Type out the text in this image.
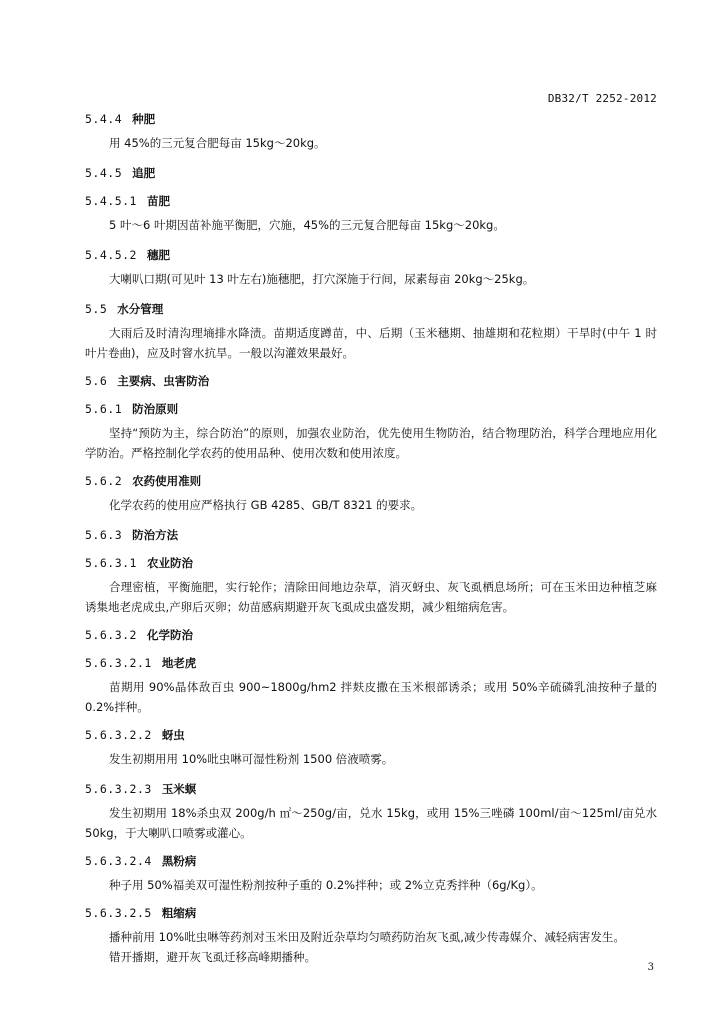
DB32/T 2252-2012
5.4.4 种肥
用 45%的三元复合肥每亩 15kg～20kg。
5.4.5 追肥
5.4.5.1 苗肥
5 叶～6 叶期因苗补施平衡肥，穴施，45%的三元复合肥每亩 15kg～20kg。
5.4.5.2 穗肥
大喇叭口期(可见叶 13 叶左右)施穗肥，打穴深施于行间，尿素每亩 20kg～25kg。
5.5 水分管理
大雨后及时清沟理墒排水降渍。苗期适度蹲苗，中、后期（玉米穗期、抽雄期和花粒期）干旱时(中午 1 时叶片卷曲)，应及时窨水抗旱。一般以沟灌效果最好。
5.6 主要病、虫害防治
5.6.1 防治原则
坚持“预防为主，综合防治”的原则，加强农业防治，优先使用生物防治，结合物理防治，科学合理地应用化学防治。严格控制化学农药的使用品种、使用次数和使用浓度。
5.6.2 农药使用准则
化学农药的使用应严格执行 GB 4285、GB/T 8321 的要求。
5.6.3 防治方法
5.6.3.1 农业防治
合理密植，平衡施肥，实行轮作；清除田间地边杂草，消灭蚜虫、灰飞虱栖息场所；可在玉米田边种植芝麻诱集地老虎成虫,产卵后灭卵；幼苗感病期避开灰飞虱成虫盛发期，减少粗缩病危害。
5.6.3.2 化学防治
5.6.3.2.1 地老虎
苗期用 90%晶体敌百虫 900~1800g/hm2 拌麸皮撒在玉米根部诱杀；或用 50%辛硫磷乳油按种子量的 0.2%拌种。
5.6.3.2.2 蚜虫
发生初期用用 10%吡虫啉可湿性粉剂 1500 倍液喷雾。
5.6.3.2.3 玉米螟
发生初期用 18%杀虫双 200g/h ㎡～250g/亩，兑水 15kg，或用 15%三唑磷 100ml/亩～125ml/亩兑水 50kg，于大喇叭口喷雾或灌心。
5.6.3.2.4 黑粉病
种子用 50%福美双可湿性粉剂按种子重的 0.2%拌种；或 2%立克秀拌种（6g/Kg）。
5.6.3.2.5 粗缩病
播种前用 10%吡虫啉等药剂对玉米田及附近杂草均匀喷药防治灰飞虱,减少传毒媒介、减轻病害发生。
错开播期，避开灰飞虱迁移高峰期播种。
3
